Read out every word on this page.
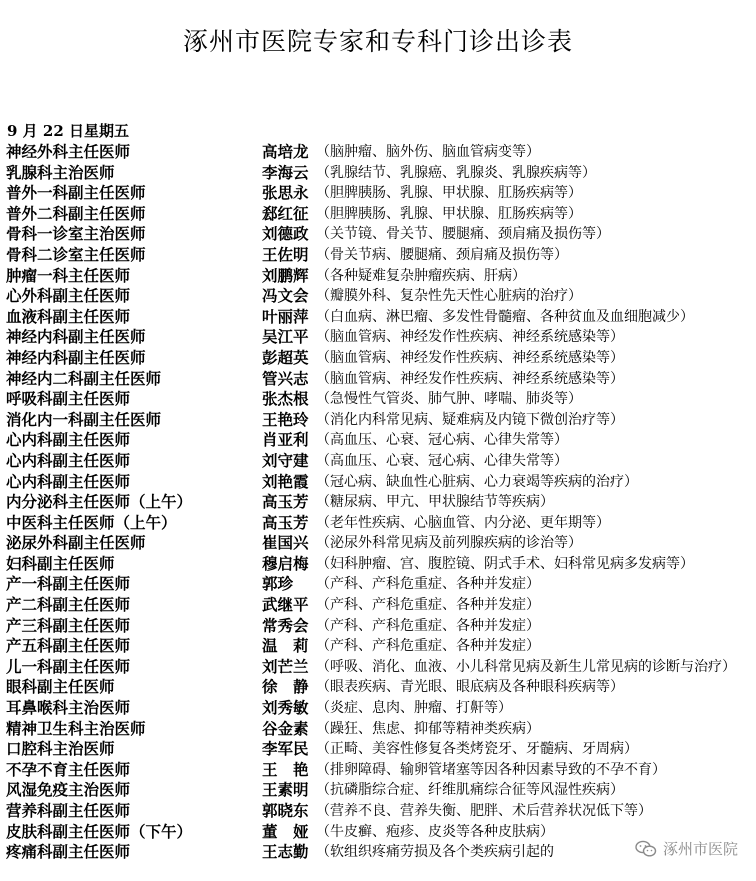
涿州市医院专家和专科门诊出诊表
9 月 22 日星期五
神经外科主任医师	高培龙 （脑肿瘤、脑外伤、脑血管病变等）
乳腺科主治医师	李海云 （乳腺结节、乳腺癌、乳腺炎、乳腺疾病等）
普外一科副主任医师	张思永 （胆脾胰肠、乳腺、甲状腺、肛肠疾病等）
普外二科副主任医师	郄红征 （胆脾胰肠、乳腺、甲状腺、肛肠疾病等）
骨科一诊室主治医师	刘德政 （关节镜、骨关节、腰腿痛、颈肩痛及损伤等）
骨科二诊室主任医师	王佐明 （骨关节病、腰腿痛、颈肩痛及损伤等）
肿瘤一科主任医师	刘鹏辉 （各种疑难复杂肿瘤疾病、肝病）
心外科副主任医师	冯文会 （瓣膜外科、复杂性先天性心脏病的治疗）
血液科副主任医师	叶丽萍 （白血病、淋巴瘤、多发性骨髓瘤、各种贫血及血细胞减少）
神经内科副主任医师	吴江平 （脑血管病、神经发作性疾病、神经系统感染等）
神经内科副主任医师	彭超英 （脑血管病、神经发作性疾病、神经系统感染等）
神经内二科副主任医师	管兴志 （脑血管病、神经发作性疾病、神经系统感染等）
呼吸科副主任医师	张杰根 （急慢性气管炎、肺气肿、哮喘、肺炎等）
消化内一科副主任医师	王艳玲 （消化内科常见病、疑难病及内镜下微创治疗等）
心内科副主任医师	肖亚利 （高血压、心衰、冠心病、心律失常等）
心内科副主任医师	刘守建 （高血压、心衰、冠心病、心律失常等）
心内科副主任医师	刘艳霞 （冠心病、缺血性心脏病、心力衰竭等疾病的治疗）
内分泌科主任医师（上午）	高玉芳 （糖尿病、甲亢、甲状腺结节等疾病）
中医科主任医师（上午）	高玉芳 （老年性疾病、心脑血管、内分泌、更年期等）
泌尿外科副主任医师	崔国兴 （泌尿外科常见病及前列腺疾病的诊治等）
妇科副主任医师	穆启梅 （妇科肿瘤、宫、腹腔镜、阴式手术、妇科常见病多发病等）
产一科副主任医师	郭珍 （产科、产科危重症、各种并发症）
产二科副主任医师	武继平 （产科、产科危重症、各种并发症）
产三科副主任医师	常秀会 （产科、产科危重症、各种并发症）
产五科副主任医师	温　莉 （产科、产科危重症、各种并发症）
儿一科副主任医师	刘芒兰 （呼吸、消化、血液、小儿科常见病及新生儿常见病的诊断与治疗）
眼科副主任医师	徐　静 （眼表疾病、青光眼、眼底病及各种眼科疾病等）
耳鼻喉科主治医师	刘秀敏 （炎症、息肉、肿瘤、打鼾等）
精神卫生科主治医师	谷金素 （躁狂、焦虑、抑郁等精神类疾病）
口腔科主治医师	李军民 （正畸、美容性修复各类烤瓷牙、牙髓病、牙周病）
不孕不育主任医师	王　艳 （排卵障碍、输卵管堵塞等因各种因素导致的不孕不育）
风湿免疫主治医师	王素明 （抗磷脂综合症、纤维肌痛综合征等风湿性疾病）
营养科副主任医师	郭晓东 （营养不良、营养失衡、肥胖、术后营养状况低下等）
皮肤科副主任医师（下午）	董　娅 （牛皮癣、疱疹、皮炎等各种皮肤病）
疼痛科副主任医师	王志勤 （软组织疼痛劳损及各个类疾病引起的	涿州市医院
